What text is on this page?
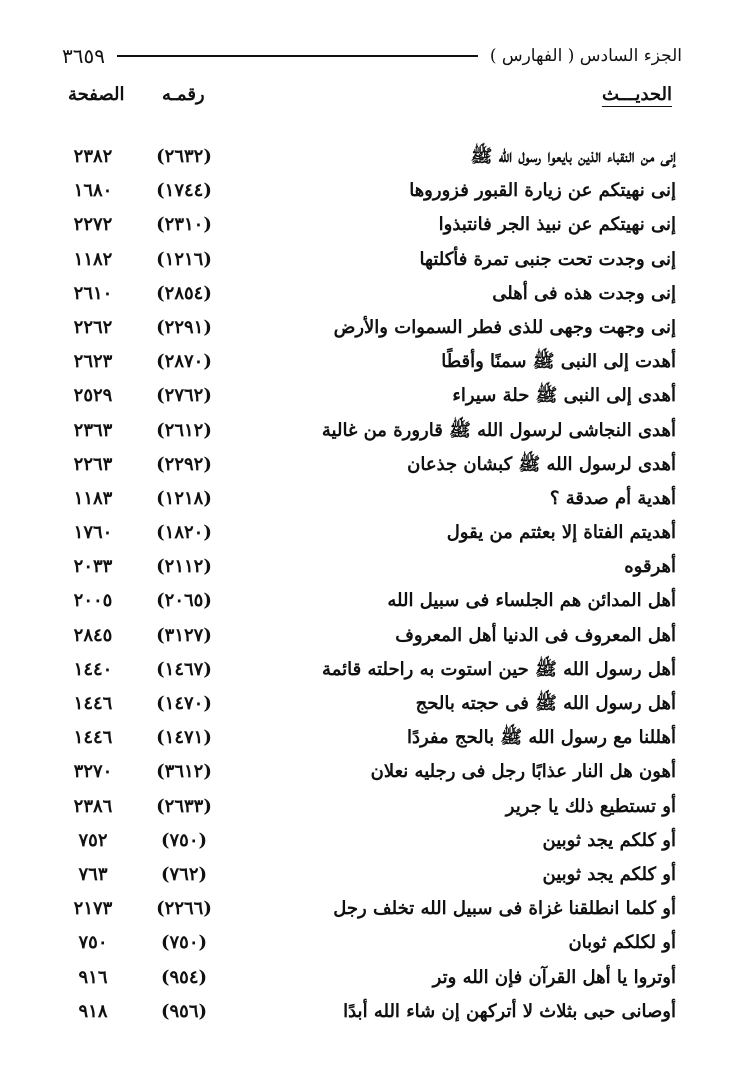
الجزء السادس ( الفهارس )
٣٦٥٩
الحديـــث
رقمـه
الصفحة
إنى من النقباء الذين بايعوا رسول الله ﷺ
(٢٦٣٢)
٢٣٨٢
إنى نهيتكم عن زيارة القبور فزوروها
(١٧٤٤)
١٦٨٠
إنى نهيتكم عن نبيذ الجر فانتبذوا
(٢٣١٠)
٢٢٧٢
إنى وجدت تحت جنبى تمرة فأكلتها
(١٢١٦)
١١٨٢
إنى وجدت هذه فى أهلى
(٢٨٥٤)
٢٦١٠
إنى وجهت وجهى للذى فطر السموات والأرض
(٢٢٩١)
٢٢٦٢
أهدت إلى النبى ﷺ سمنًا وأقطًا
(٢٨٧٠)
٢٦٢٣
أهدى إلى النبى ﷺ حلة سيراء
(٢٧٦٢)
٢٥٢٩
أهدى النجاشى لرسول الله ﷺ قارورة من غالية
(٢٦١٢)
٢٣٦٣
أهدى لرسول الله ﷺ كبشان جذعان
(٢٢٩٢)
٢٢٦٣
أهدية أم صدقة ؟
(١٢١٨)
١١٨٣
أهديتم الفتاة إلا بعثتم من يقول
(١٨٢٠)
١٧٦٠
أهرقوه
(٢١١٢)
٢٠٣٣
أهل المدائن هم الجلساء فى سبيل الله
(٢٠٦٥)
٢٠٠٥
أهل المعروف فى الدنيا أهل المعروف
(٣١٢٧)
٢٨٤٥
أهل رسول الله ﷺ حين استوت به راحلته قائمة
(١٤٦٧)
١٤٤٠
أهل رسول الله ﷺ فى حجته بالحج
(١٤٧٠)
١٤٤٦
أهللنا مع رسول الله ﷺ بالحج مفردًا
(١٤٧١)
١٤٤٦
أهون هل النار عذابًا رجل فى رجليه نعلان
(٣٦١٢)
٣٢٧٠
أو تستطيع ذلك يا جرير
(٢٦٣٣)
٢٣٨٦
أو كلكم يجد ثوبين
(٧٥٠)
٧٥٢
أو كلكم يجد ثوبين
(٧٦٢)
٧٦٣
أو كلما انطلقنا غزاة فى سبيل الله تخلف رجل
(٢٢٦٦)
٢١٧٣
أو لكلكم ثوبان
(٧٥٠)
٧٥٠
أوتروا يا أهل القرآن فإن الله وتر
(٩٥٤)
٩١٦
أوصانى حبى بثلاث لا أتركهن إن شاء الله أبدًا
(٩٥٦)
٩١٨
